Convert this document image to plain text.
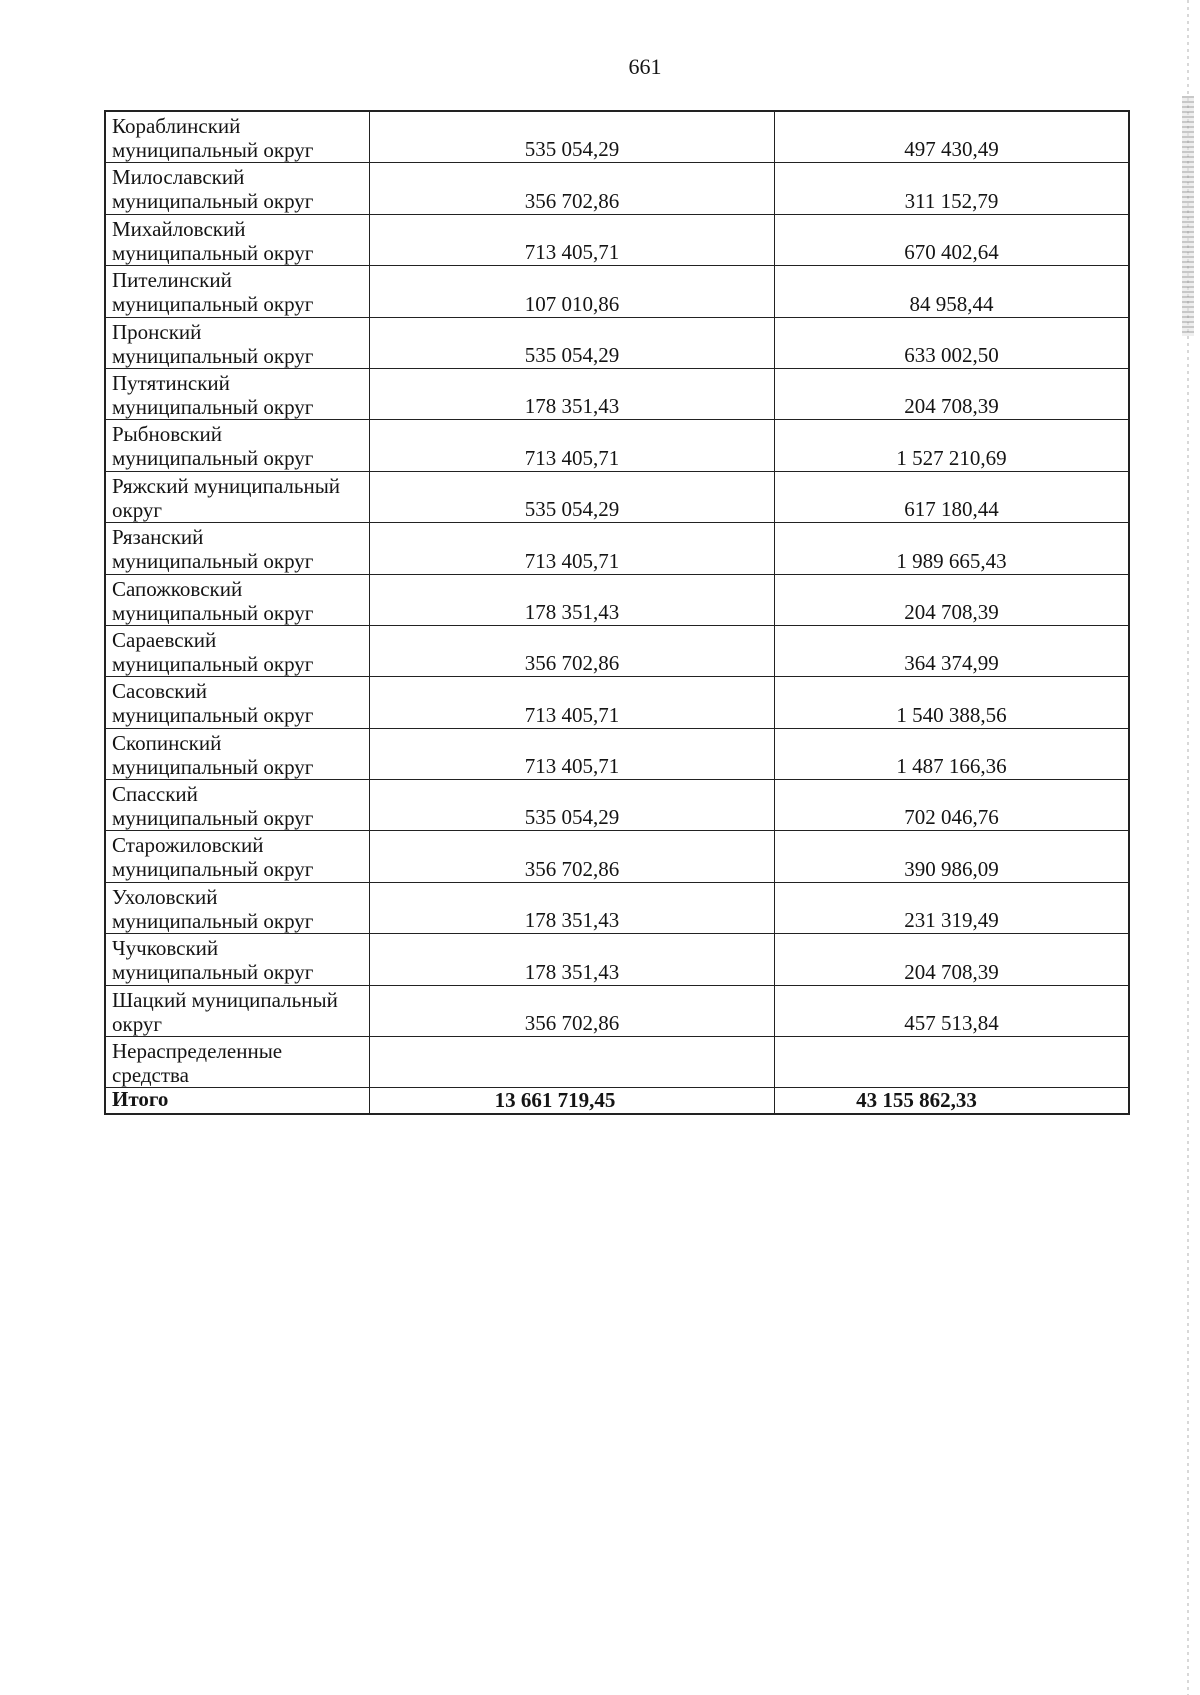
661
Кораблинский
муниципальный округ	535 054,29	497 430,49
Милославский
муниципальный округ	356 702,86	311 152,79
Михайловский
муниципальный округ	713 405,71	670 402,64
Пителинский
муниципальный округ	107 010,86	84 958,44
Пронский
муниципальный округ	535 054,29	633 002,50
Путятинский
муниципальный округ	178 351,43	204 708,39
Рыбновский
муниципальный округ	713 405,71	1 527 210,69
Ряжский муниципальный
округ	535 054,29	617 180,44
Рязанский
муниципальный округ	713 405,71	1 989 665,43
Сапожковский
муниципальный округ	178 351,43	204 708,39
Сараевский
муниципальный округ	356 702,86	364 374,99
Сасовский
муниципальный округ	713 405,71	1 540 388,56
Скопинский
муниципальный округ	713 405,71	1 487 166,36
Спасский
муниципальный округ	535 054,29	702 046,76
Старожиловский
муниципальный округ	356 702,86	390 986,09
Ухоловский
муниципальный округ	178 351,43	231 319,49
Чучковский
муниципальный округ	178 351,43	204 708,39
Шацкий муниципальный
округ	356 702,86	457 513,84
Нераспределенные
средства
Итого	13 661 719,45	43 155 862,33
